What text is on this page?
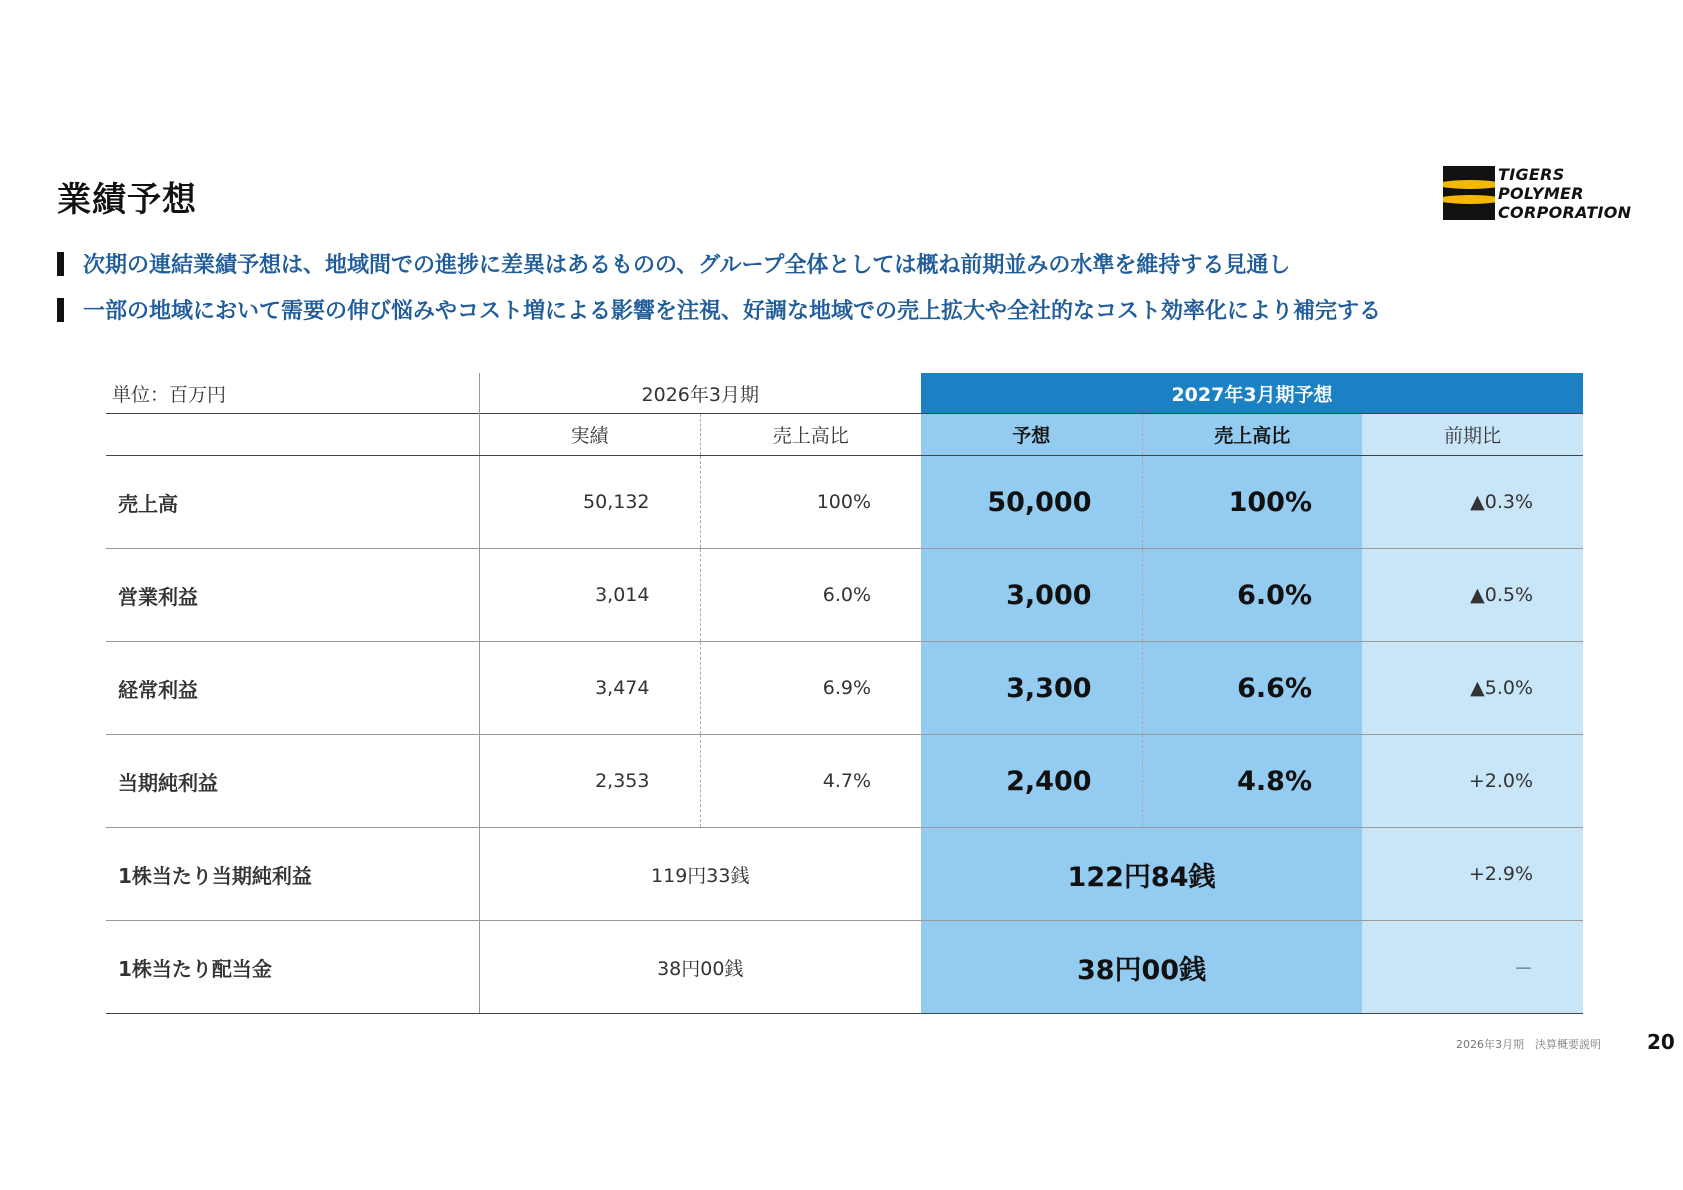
業績予想
TIGERS
POLYMER
CORPORATION
次期の連結業績予想は、地域間での進捗に差異はあるものの、グループ全体としては概ね前期並みの水準を維持する見通し
一部の地域において需要の伸び悩みやコスト増による影響を注視、好調な地域での売上拡大や全社的なコスト効率化により補完する
単位：百万円	2026年3月期		2027年3月期予想		
	実績	売上高比	予想	売上高比	前期比
売上高	50,132	100%	50,000	100%	▲0.3%
営業利益	3,014	6.0%	3,000	6.0%	▲0.5%
経常利益	3,474	6.9%	3,300	6.6%	▲5.0%
当期純利益	2,353	4.7%	2,400	4.8%	+2.0%
1株当たり当期純利益	119円33銭		122円84銭		+2.9%
1株当たり配当金	38円00銭		38円00銭		－
2026年3月期　決算概要説明 20
